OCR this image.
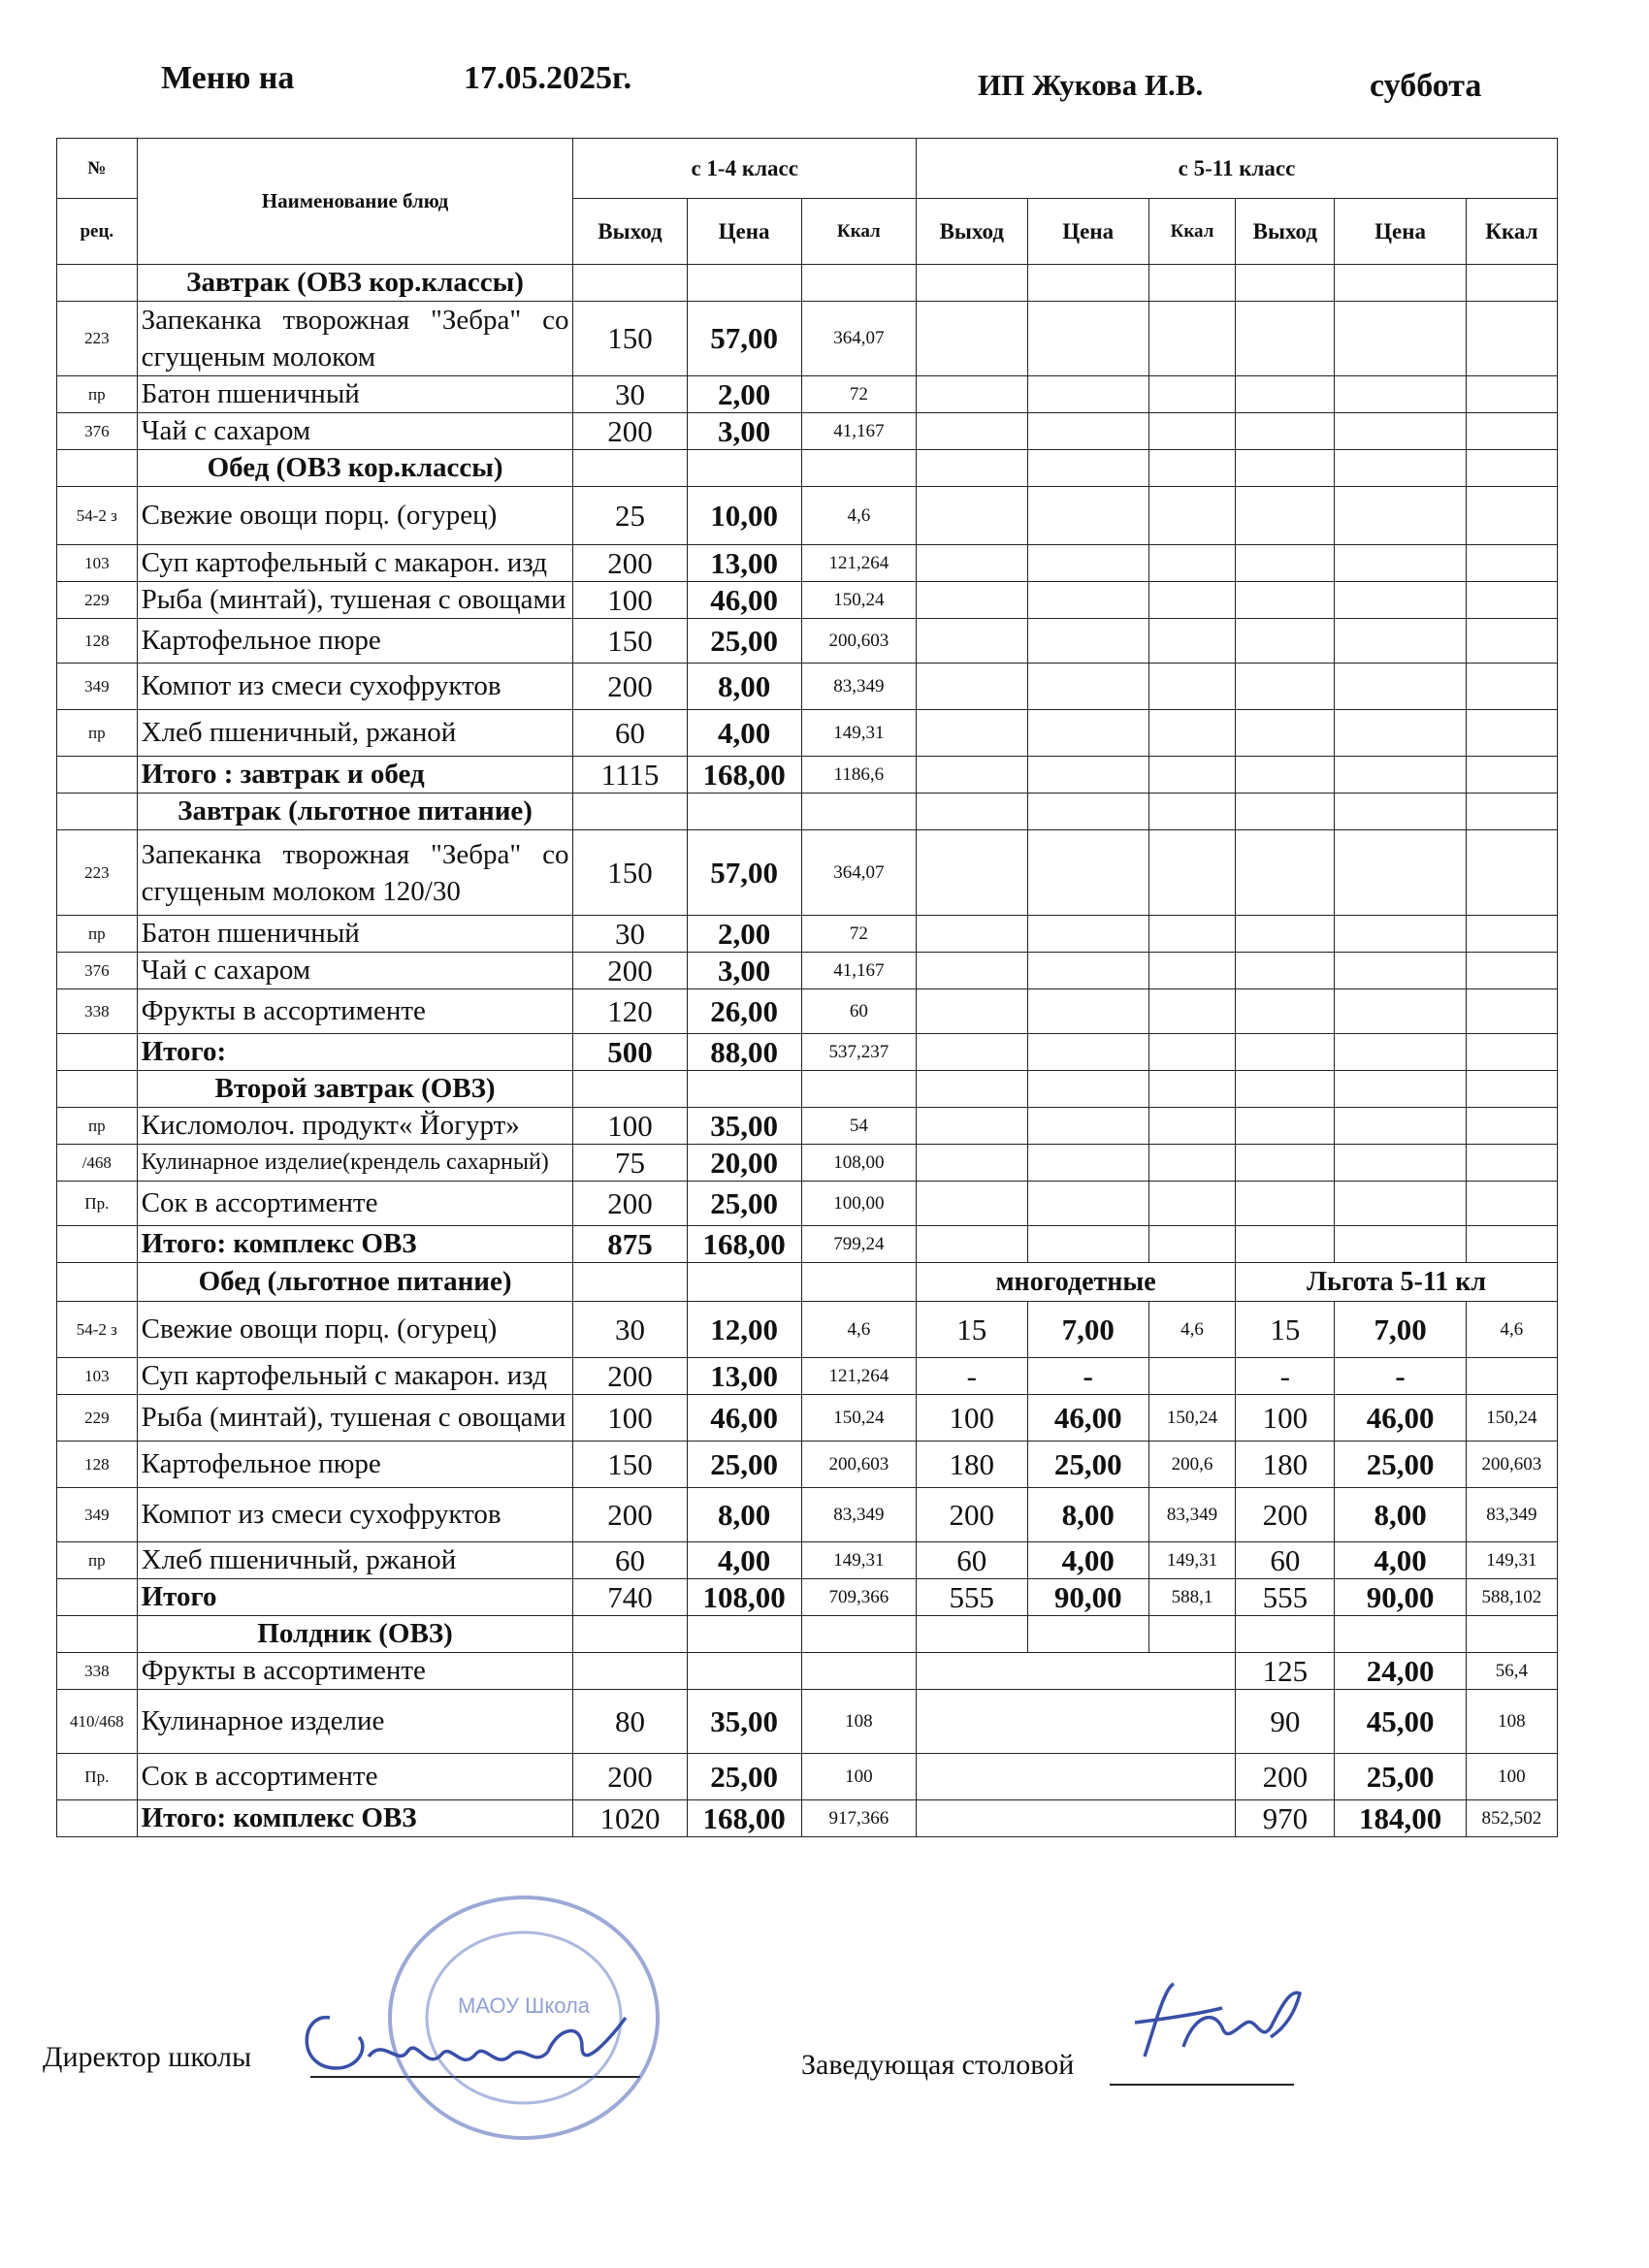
Меню на	17.05.2025г.	ИП Жукова И.В.	суббота
№	Наименование блюд	с 1-4 класс			с 5-11 класс					
рец.		Выход	Цена	Ккал	Выход	Цена	Ккал	Выход	Цена	Ккал
	Завтрак (ОВЗ кор.классы)									
223	Запеканка творожная "Зебра" со сгущеным молоком	150	57,00	364,07						
пр	Батон пшеничный	30	2,00	72						
376	Чай с сахаром	200	3,00	41,167						
	Обед (ОВЗ кор.классы)									
54-2 з	Свежие овощи порц. (огурец)	25	10,00	4,6						
103	Суп картофельный с макарон. изд	200	13,00	121,264						
229	Рыба (минтай), тушеная с овощами	100	46,00	150,24						
128	Картофельное пюре	150	25,00	200,603						
349	Компот из смеси сухофруктов	200	8,00	83,349						
пр	Хлеб пшеничный, ржаной	60	4,00	149,31						
	Итого : завтрак и обед	1115	168,00	1186,6						
	Завтрак (льготное питание)									
223	Запеканка творожная "Зебра" со сгущеным молоком 120/30	150	57,00	364,07						
пр	Батон пшеничный	30	2,00	72						
376	Чай с сахаром	200	3,00	41,167						
338	Фрукты в ассортименте	120	26,00	60						
	Итого:	500	88,00	537,237						
	Второй завтрак (ОВЗ)									
пр	Кисломолоч. продукт« Йогурт»	100	35,00	54						
/468	Кулинарное изделие(крендель сахарный)	75	20,00	108,00						
Пр.	Сок в ассортименте	200	25,00	100,00						
	Итого: комплекс ОВЗ	875	168,00	799,24						
	Обед (льготное питание)				многодетные			Льгота 5-11 кл		
54-2 з	Свежие овощи порц. (огурец)	30	12,00	4,6	15	7,00	4,6	15	7,00	4,6
103	Суп картофельный с макарон. изд	200	13,00	121,264	-	-		-	-	
229	Рыба (минтай), тушеная с овощами	100	46,00	150,24	100	46,00	150,24	100	46,00	150,24
128	Картофельное пюре	150	25,00	200,603	180	25,00	200,6	180	25,00	200,603
349	Компот из смеси сухофруктов	200	8,00	83,349	200	8,00	83,349	200	8,00	83,349
пр	Хлеб пшеничный, ржаной	60	4,00	149,31	60	4,00	149,31	60	4,00	149,31
	Итого	740	108,00	709,366	555	90,00	588,1	555	90,00	588,102
	Полдник (ОВЗ)									
338	Фрукты в ассортименте							125	24,00	56,4
410/468	Кулинарное изделие	80	35,00	108				90	45,00	108
Пр.	Сок в ассортименте	200	25,00	100				200	25,00	100
	Итого: комплекс ОВЗ	1020	168,00	917,366				970	184,00	852,502
Директор школы	Заведующая столовой
МАОУ Школа
